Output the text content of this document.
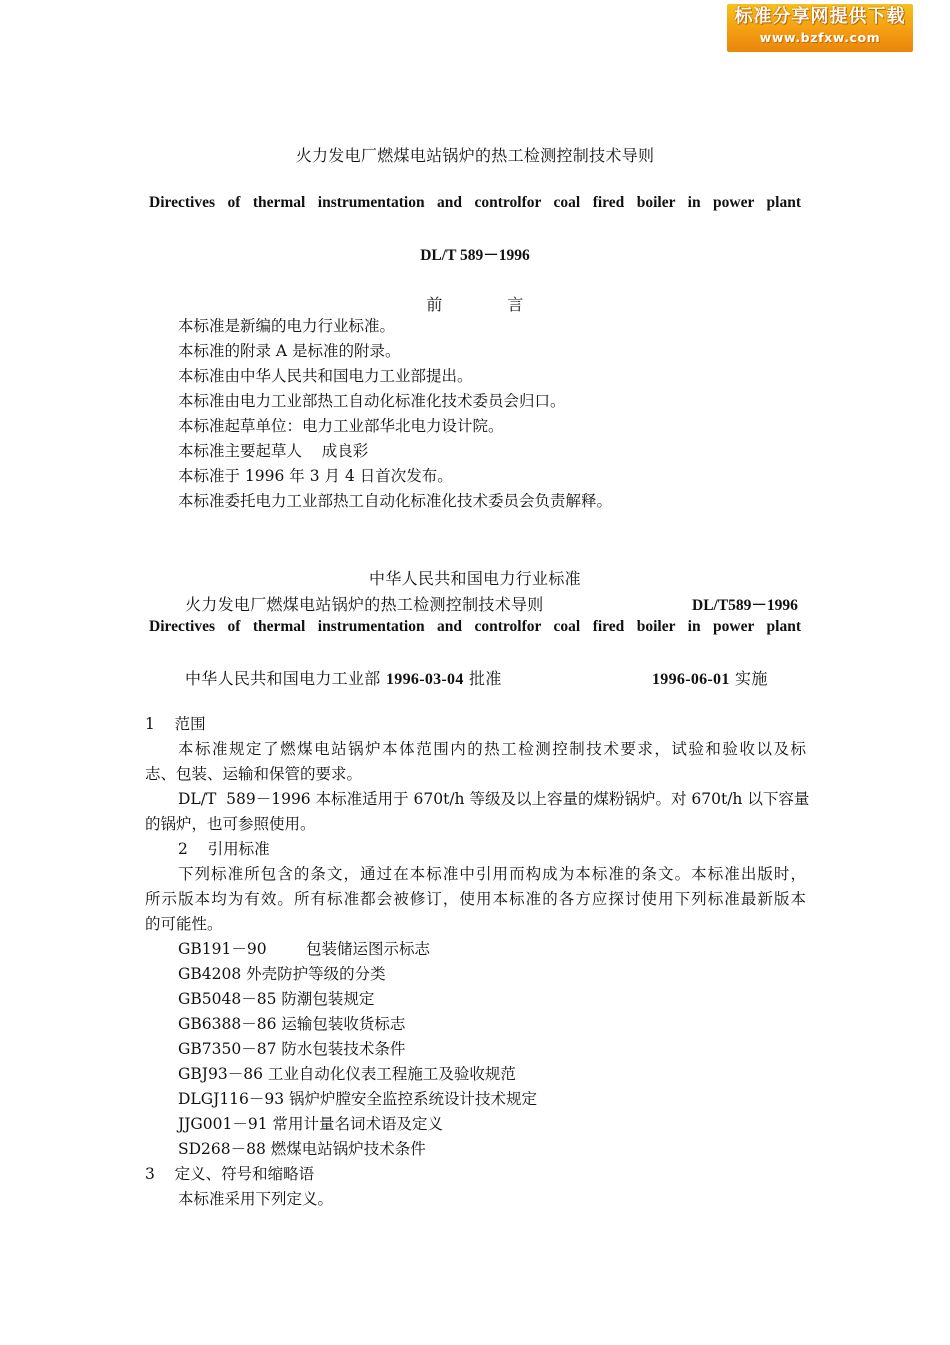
标准分享网提供下载
www.bzfxw.com
火力发电厂燃煤电站锅炉的热工检测控制技术导则
Directives of thermal instrumentation and controlfor coal fired boiler in power plant
DL/T 589－1996
前            言
本标准是新编的电力行业标准。
本标准的附录 A 是标准的附录。
本标准由中华人民共和国电力工业部提出。
本标准由电力工业部热工自动化标准化技术委员会归口。
本标准起草单位：电力工业部华北电力设计院。
本标准主要起草人    成良彩
本标准于 1996 年 3 月 4 日首次发布。
本标准委托电力工业部热工自动化标准化技术委员会负责解释。
中华人民共和国电力行业标准
火力发电厂燃煤电站锅炉的热工检测控制技术导则	DL/T589－1996
Directives of thermal instrumentation and controlfor coal fired boiler in power plant
中华人民共和国电力工业部 1996-03-04 批准	1996-06-01 实施
1    范围
本标准规定了燃煤电站锅炉本体范围内的热工检测控制技术要求，试验和验收以及标
志、包装、运输和保管的要求。
DL/T  589－1996 本标准适用于 670t/h 等级及以上容量的煤粉锅炉。对 670t/h 以下容量
的锅炉，也可参照使用。
2    引用标准
下列标准所包含的条文，通过在本标准中引用而构成为本标准的条文。本标准出版时，
所示版本均为有效。所有标准都会被修订，使用本标准的各方应探讨使用下列标准最新版本
的可能性。
GB191－90        包装储运图示标志
GB4208 外壳防护等级的分类
GB5048－85 防潮包装规定
GB6388－86 运输包装收货标志
GB7350－87 防水包装技术条件
GBJ93－86 工业自动化仪表工程施工及验收规范
DLGJ116－93 锅炉炉膛安全监控系统设计技术规定
JJG001－91 常用计量名词术语及定义
SD268－88 燃煤电站锅炉技术条件
3    定义、符号和缩略语
本标准采用下列定义。
